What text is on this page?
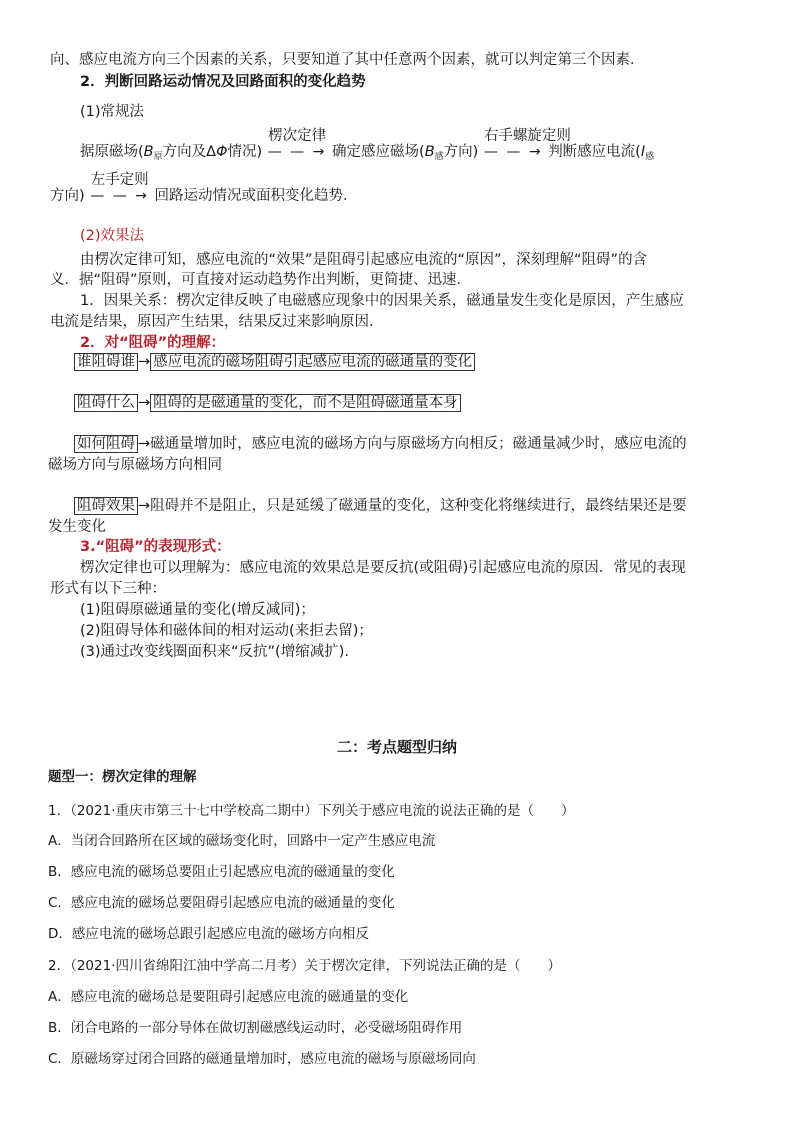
向、感应电流方向三个因素的关系，只要知道了其中任意两个因素，就可以判定第三个因素．
2．判断回路运动情况及回路面积的变化趋势
(1)常规法
据原磁场($B_原$方向及ΔΦ情况)
楞次定律
— — → 确定感应磁场($B_感$方向)
右手螺旋定则
— — → 判断感应电流($I_感$
方向)
左手定则
— — → 回路运动情况或面积变化趋势．
(2)效果法
由楞次定律可知，感应电流的“效果”是阻碍引起感应电流的“原因”，深刻理解“阻碍”的含
义．据“阻碍”原则，可直接对运动趋势作出判断，更简捷、迅速．
1．因果关系：楞次定律反映了电磁感应现象中的因果关系，磁通量发生变化是原因，产生感应
电流是结果，原因产生结果，结果反过来影响原因．
2．对“阻碍”的理解：
谁阻碍谁 → 感应电流的磁场阻碍引起感应电流的磁通量的变化
阻碍什么 → 阻碍的是磁通量的变化，而不是阻碍磁通量本身
如何阻碍 →磁通量增加时，感应电流的磁场方向与原磁场方向相反；磁通量减少时，感应电流的
磁场方向与原磁场方向相同
阻碍效果 →阻碍并不是阻止，只是延缓了磁通量的变化，这种变化将继续进行，最终结果还是要
发生变化
3.“阻碍”的表现形式：
楞次定律也可以理解为：感应电流的效果总是要反抗(或阻碍)引起感应电流的原因．常见的表现
形式有以下三种：
(1)阻碍原磁通量的变化(增反减同)；
(2)阻碍导体和磁体间的相对运动(来拒去留)；
(3)通过改变线圈面积来“反抗”(增缩减扩).
二：考点题型归纳
题型一：楞次定律的理解
1．（2021·重庆市第三十七中学校高二期中）下列关于感应电流的说法正确的是（　　）
A．当闭合回路所在区域的磁场变化时，回路中一定产生感应电流
B．感应电流的磁场总要阻止引起感应电流的磁通量的变化
C．感应电流的磁场总要阻碍引起感应电流的磁通量的变化
D．感应电流的磁场总跟引起感应电流的磁场方向相反
2．（2021·四川省绵阳江油中学高二月考）关于楞次定律，下列说法正确的是（　　）
A．感应电流的磁场总是要阻碍引起感应电流的磁通量的变化
B．闭合电路的一部分导体在做切割磁感线运动时，必受磁场阻碍作用
C．原磁场穿过闭合回路的磁通量增加时，感应电流的磁场与原磁场同向
